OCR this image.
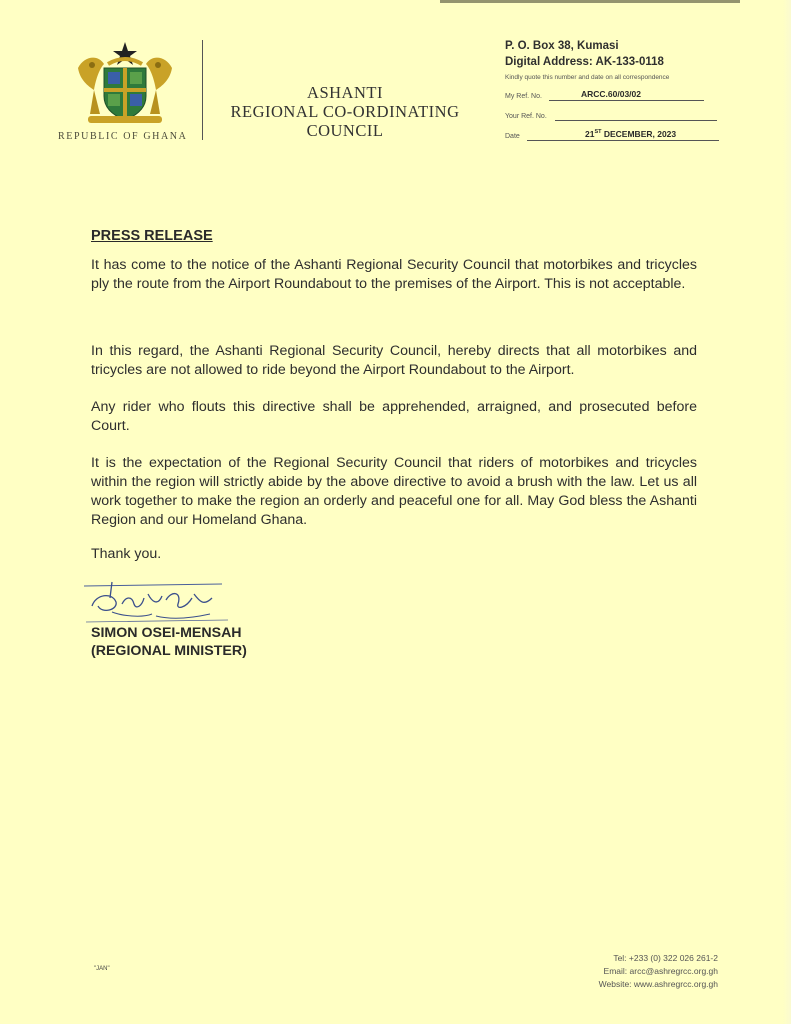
REPUBLIC OF GHANA
ASHANTI
REGIONAL CO-ORDINATING
COUNCIL
P. O. Box 38, Kumasi
Digital Address: AK-133-0118
Kindly quote this number and date on all correspondence
My Ref. No.	ARCC.60/03/02
Your Ref. No.
Date	21ST DECEMBER, 2023
PRESS RELEASE

It has come to the notice of the Ashanti Regional Security Council that motorbikes and tricycles ply the route from the Airport Roundabout to the premises of the Airport. This is not acceptable.

In this regard, the Ashanti Regional Security Council, hereby directs that all motorbikes and tricycles are not allowed to ride beyond the Airport Roundabout to the Airport.

Any rider who flouts this directive shall be apprehended, arraigned, and prosecuted before Court.

It is the expectation of the Regional Security Council that riders of motorbikes and tricycles within the region will strictly abide by the above directive to avoid a brush with the law. Let us all work together to make the region an orderly and peaceful one for all. May God bless the Ashanti Region and our Homeland Ghana.

Thank you.
SIMON OSEI-MENSAH
(REGIONAL MINISTER)
"JAN"
Tel: +233 (0) 322 026 261-2
Email: arcc@ashregrcc.org.gh
Website: www.ashregrcc.org.gh
